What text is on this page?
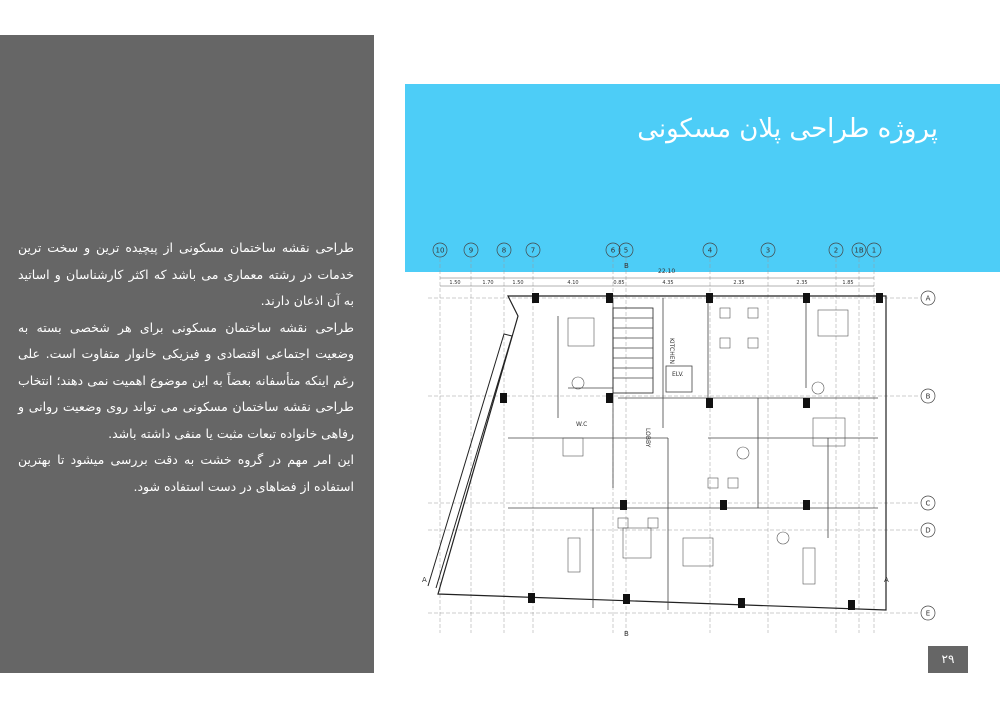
طراحی نقشه ساختمان مسکونی از پیچیده ترین و سخت ترین خدمات در رشته معماری می باشد که اکثر کارشناسان و اساتید به آن اذعان دارند.

طراحی نقشه ساختمان مسکونی برای هر شخصی بسته به وضعیت اجتماعی اقتصادی و فیزیکی خانوار متفاوت است. علی رغم اینکه متأسفانه بعضاً به این موضوع اهمیت نمی دهند؛ انتخاب طراحی نقشه ساختمان مسکونی می تواند روی وضعیت روانی و رفاهی خانواده تبعات مثبت یا منفی داشته باشد.

این امر مهم در گروه خشت به دقت بررسی میشود تا بهترین استفاده از فضاهای در دست استفاده شود.

پروژه طراحی پلان مسکونی
10	9	8	7	6 5	4	3	2 1B 1
A
B
C
D
E
1.50	1.70	1.50	4.10	0.85	4.35	2.35	2.35	1.85
KITCHEN
LOBBY
ELV.
W.C
22.10
B
B
A	A
۲۹
